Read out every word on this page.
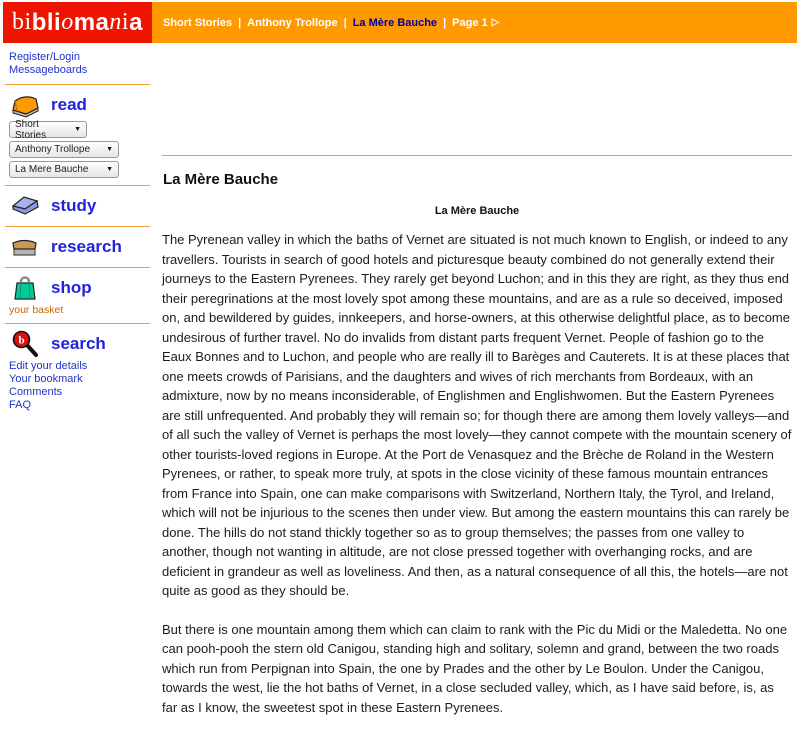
bi bli o ma n i a Short Stories | Anthony Trollope | La Mère Bauche | Page 1 ▷
Register/Login
Messageboards
read
Short Stories	▼
Anthony Trollope ▼
La Mere Bauche	▼
study
research
shop
your basket
b search
Edit your details
Your bookmark
Comments
FAQ
La Mère Bauche
La Mère Bauche

The Pyrenean valley in which the baths of Vernet are situated is not much known to English, or indeed to any travellers. Tourists in search of good hotels and picturesque beauty combined do not generally extend their journeys to the Eastern Pyrenees. They rarely get beyond Luchon; and in this they are right, as they thus end their peregrinations at the most lovely spot among these mountains, and are as a rule so deceived, imposed on, and bewildered by guides, innkeepers, and horse-owners, at this otherwise delightful place, as to become undesirous of further travel. No do invalids from distant parts frequent Vernet. People of fashion go to the Eaux Bonnes and to Luchon, and people who are really ill to Barèges and Cauterets. It is at these places that one meets crowds of Parisians, and the daughters and wives of rich merchants from Bordeaux, with an admixture, now by no means inconsiderable, of Englishmen and Englishwomen. But the Eastern Pyrenees are still unfrequented. And probably they will remain so; for though there are among them lovely valleys—and of all such the valley of Vernet is perhaps the most lovely—they cannot compete with the mountain scenery of other tourists-loved regions in Europe. At the Port de Venasquez and the Brèche de Roland in the Western Pyrenees, or rather, to speak more truly, at spots in the close vicinity of these famous mountain entrances from France into Spain, one can make comparisons with Switzerland, Northern Italy, the Tyrol, and Ireland, which will not be injurious to the scenes then under view. But among the eastern mountains this can rarely be done. The hills do not stand thickly together so as to group themselves; the passes from one valley to another, though not wanting in altitude, are not close pressed together with overhanging rocks, and are deficient in grandeur as well as loveliness. And then, as a natural consequence of all this, the hotels—are not quite as good as they should be.

But there is one mountain among them which can claim to rank with the Pic du Midi or the Maledetta. No one can pooh-pooh the stern old Canigou, standing high and solitary, solemn and grand, between the two roads which run from Perpignan into Spain, the one by Prades and the other by Le Boulon. Under the Canigou, towards the west, lie the hot baths of Vernet, in a close secluded valley, which, as I have said before, is, as far as I know, the sweetest spot in these Eastern Pyrenees.
